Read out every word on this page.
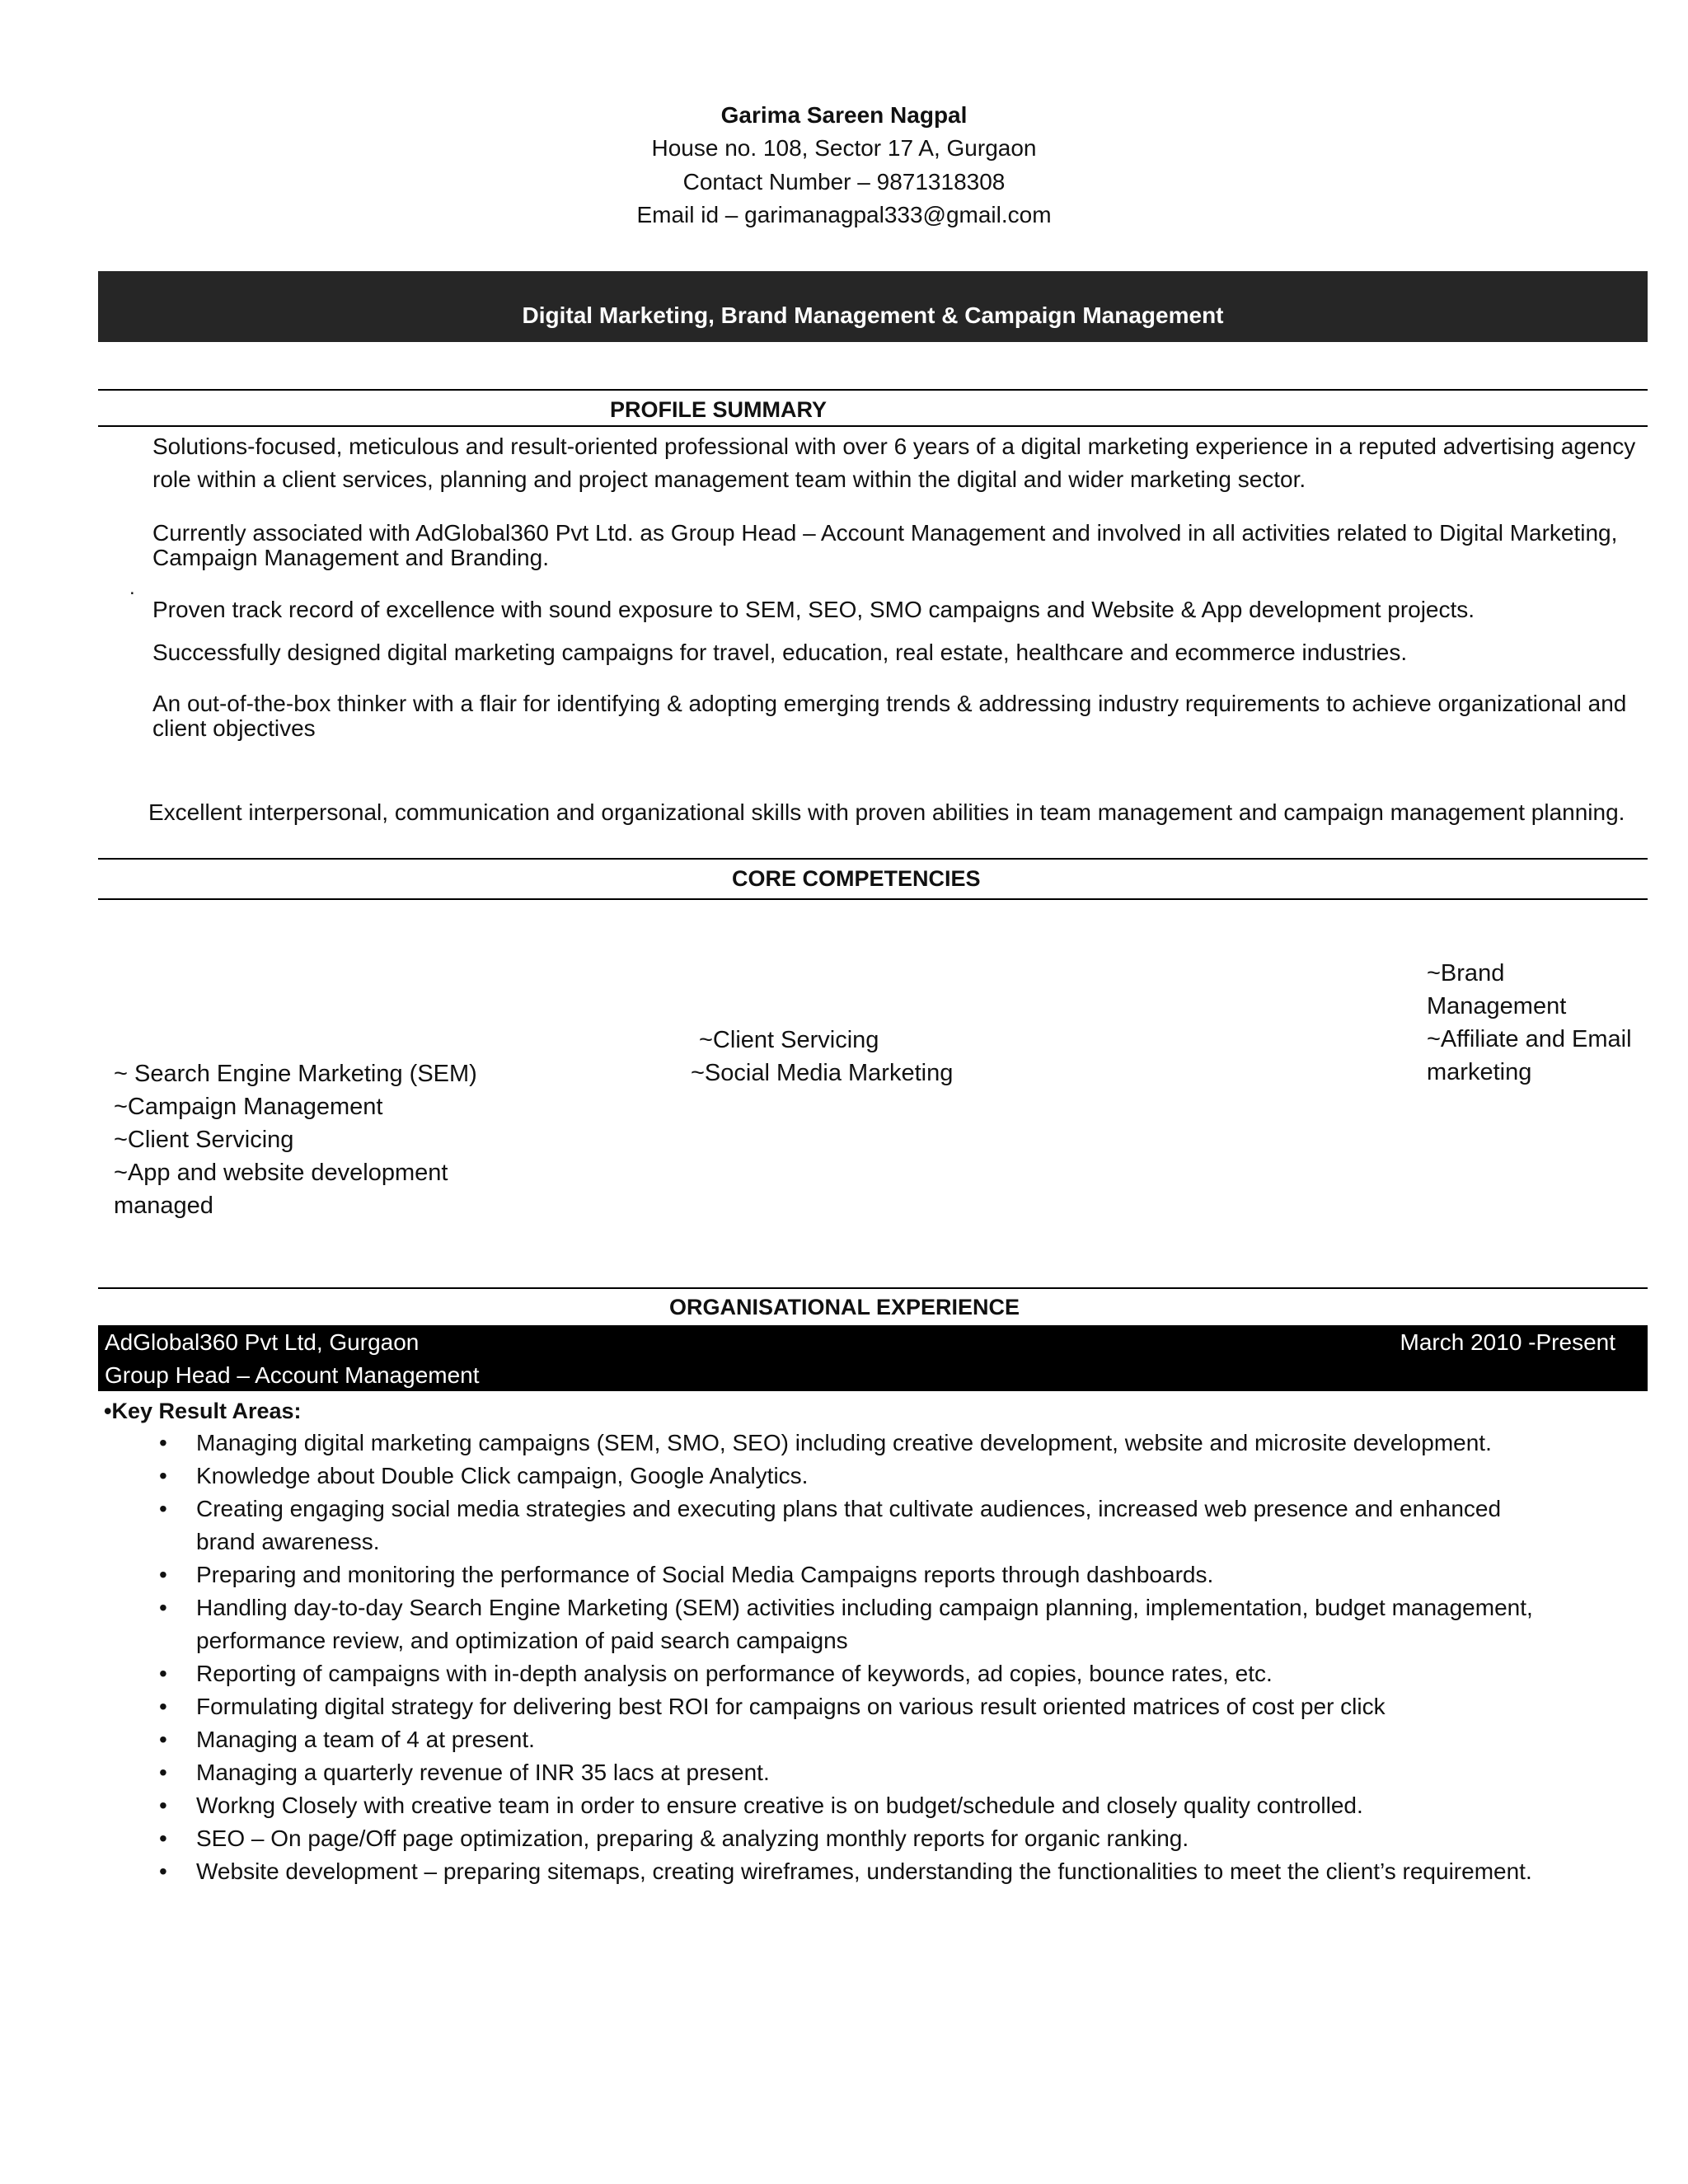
Garima Sareen Nagpal
House no. 108, Sector 17 A, Gurgaon
Contact Number – 9871318308
Email id – garimanagpal333@gmail.com
Digital Marketing, Brand Management & Campaign Management
PROFILE SUMMARY
Solutions-focused, meticulous and result-oriented professional with over 6 years of a digital marketing experience in a reputed advertising agency role within a client services, planning and project management team within the digital and wider marketing sector.
Currently associated with AdGlobal360 Pvt Ltd. as Group Head – Account Management and involved in all activities related to Digital Marketing, Campaign Management and Branding.
.
Proven track record of excellence with sound exposure to SEM, SEO, SMO campaigns and Website & App development projects.
Successfully designed digital marketing campaigns for travel, education, real estate, healthcare and ecommerce industries.
An out-of-the-box thinker with a flair for identifying & adopting emerging trends & addressing industry requirements to achieve organizational and client objectives
Excellent interpersonal, communication and organizational skills with proven abilities in team management and campaign management planning.
CORE COMPETENCIES
~ Search Engine Marketing (SEM)
~Campaign Management
~Client Servicing
~App and website development
managed
~Client Servicing
~Social Media Marketing
~Brand
Management
~Affiliate and Email
marketing
ORGANISATIONAL EXPERIENCE
AdGlobal360 Pvt Ltd, Gurgaon
Group Head – Account Management
March 2010 -Present
•Key Result Areas:
• Managing digital marketing campaigns (SEM, SMO, SEO) including creative development, website and microsite development.
• Knowledge about Double Click campaign, Google Analytics.
• Creating engaging social media strategies and executing plans that cultivate audiences, increased web presence and enhanced brand awareness.
• Preparing and monitoring the performance of Social Media Campaigns reports through dashboards.
• Handling day-to-day Search Engine Marketing (SEM) activities including campaign planning, implementation, budget management, performance review, and optimization of paid search campaigns
• Reporting of campaigns with in-depth analysis on performance of keywords, ad copies, bounce rates, etc.
• Formulating digital strategy for delivering best ROI for campaigns on various result oriented matrices of cost per click
• Managing a team of 4 at present.
• Managing a quarterly revenue of INR 35 lacs at present.
• Workng Closely with creative team in order to ensure creative is on budget/schedule and closely quality controlled.
• SEO – On page/Off page optimization, preparing & analyzing monthly reports for organic ranking.
• Website development – preparing sitemaps, creating wireframes, understanding the functionalities to meet the client’s requirement.
